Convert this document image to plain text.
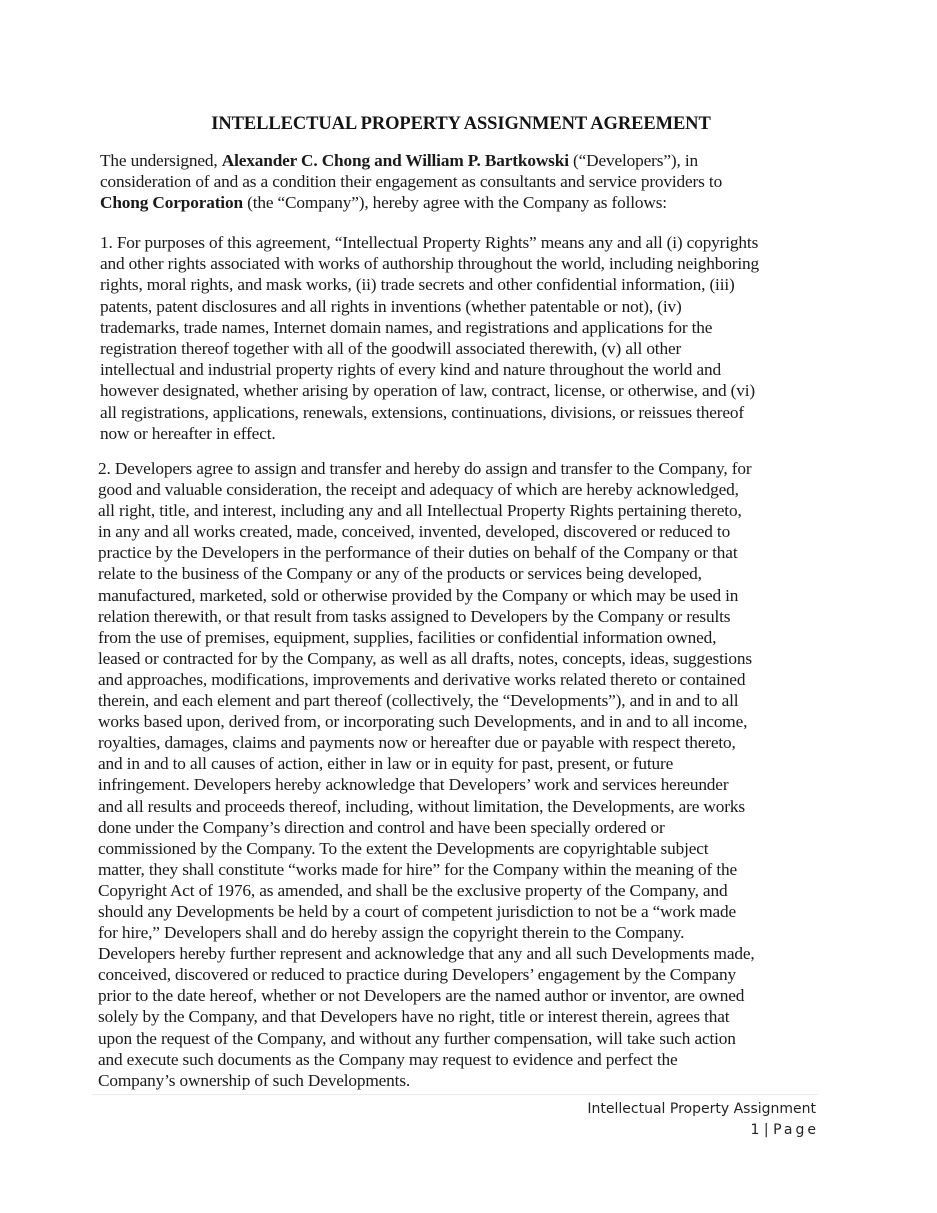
INTELLECTUAL PROPERTY ASSIGNMENT AGREEMENT
The undersigned, Alexander C. Chong and William P. Bartkowski (“Developers”), in
consideration of and as a condition their engagement as consultants and service providers to
Chong Corporation (the “Company”), hereby agree with the Company as follows:
1. For purposes of this agreement, “Intellectual Property Rights” means any and all (i) copyrights
and other rights associated with works of authorship throughout the world, including neighboring
rights, moral rights, and mask works, (ii) trade secrets and other confidential information, (iii)
patents, patent disclosures and all rights in inventions (whether patentable or not), (iv)
trademarks, trade names, Internet domain names, and registrations and applications for the
registration thereof together with all of the goodwill associated therewith, (v) all other
intellectual and industrial property rights of every kind and nature throughout the world and
however designated, whether arising by operation of law, contract, license, or otherwise, and (vi)
all registrations, applications, renewals, extensions, continuations, divisions, or reissues thereof
now or hereafter in effect.
2. Developers agree to assign and transfer and hereby do assign and transfer to the Company, for
good and valuable consideration, the receipt and adequacy of which are hereby acknowledged,
all right, title, and interest, including any and all Intellectual Property Rights pertaining thereto,
in any and all works created, made, conceived, invented, developed, discovered or reduced to
practice by the Developers in the performance of their duties on behalf of the Company or that
relate to the business of the Company or any of the products or services being developed,
manufactured, marketed, sold or otherwise provided by the Company or which may be used in
relation therewith, or that result from tasks assigned to Developers by the Company or results
from the use of premises, equipment, supplies, facilities or confidential information owned,
leased or contracted for by the Company, as well as all drafts, notes, concepts, ideas, suggestions
and approaches, modifications, improvements and derivative works related thereto or contained
therein, and each element and part thereof (collectively, the “Developments”), and in and to all
works based upon, derived from, or incorporating such Developments, and in and to all income,
royalties, damages, claims and payments now or hereafter due or payable with respect thereto,
and in and to all causes of action, either in law or in equity for past, present, or future
infringement. Developers hereby acknowledge that Developers’ work and services hereunder
and all results and proceeds thereof, including, without limitation, the Developments, are works
done under the Company’s direction and control and have been specially ordered or
commissioned by the Company. To the extent the Developments are copyrightable subject
matter, they shall constitute “works made for hire” for the Company within the meaning of the
Copyright Act of 1976, as amended, and shall be the exclusive property of the Company, and
should any Developments be held by a court of competent jurisdiction to not be a “work made
for hire,” Developers shall and do hereby assign the copyright therein to the Company.
Developers hereby further represent and acknowledge that any and all such Developments made,
conceived, discovered or reduced to practice during Developers’ engagement by the Company
prior to the date hereof, whether or not Developers are the named author or inventor, are owned
solely by the Company, and that Developers have no right, title or interest therein, agrees that
upon the request of the Company, and without any further compensation, will take such action
and execute such documents as the Company may request to evidence and perfect the
Company’s ownership of such Developments.
Intellectual Property Assignment
1 | Page
